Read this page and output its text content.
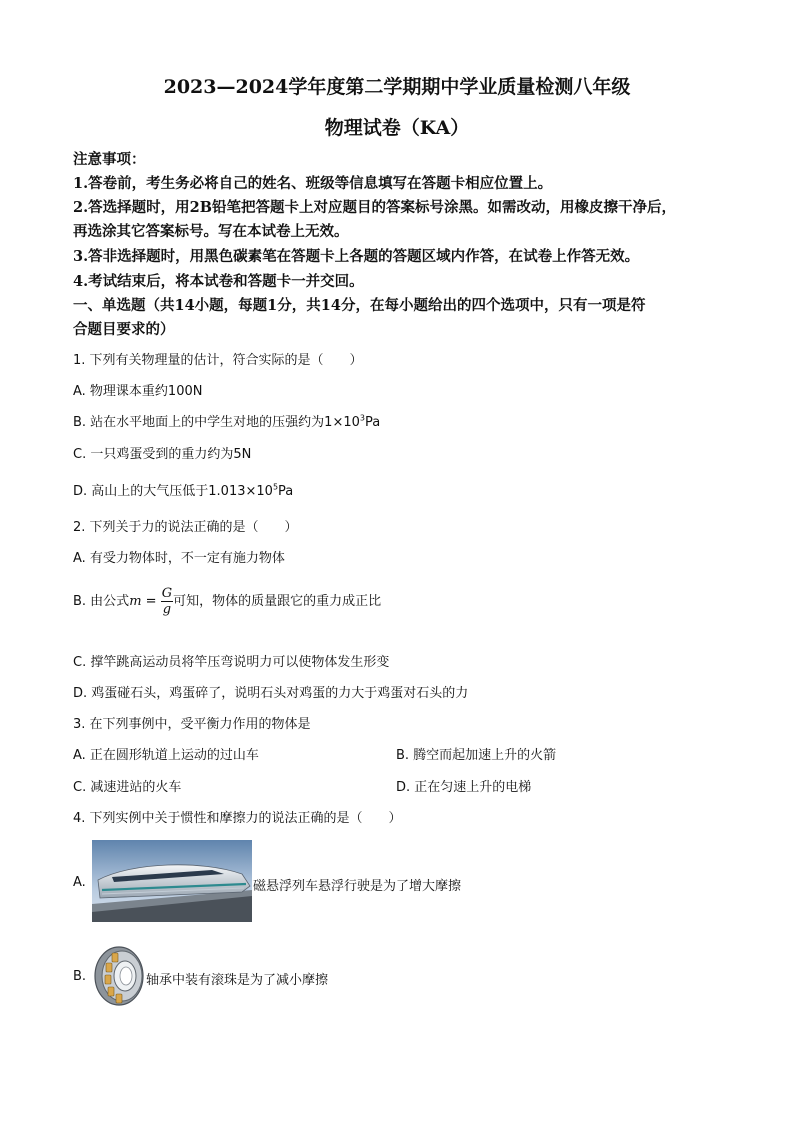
2023—2024学年度第二学期期中学业质量检测八年级
物理试卷（KA）
注意事项：
1.答卷前，考生务必将自己的姓名、班级等信息填写在答题卡相应位置上。
2.答选择题时，用2B铅笔把答题卡上对应题目的答案标号涂黑。如需改动，用橡皮擦干净后，
再选涂其它答案标号。写在本试卷上无效。
3.答非选择题时，用黑色碳素笔在答题卡上各题的答题区域内作答，在试卷上作答无效。
4.考试结束后，将本试卷和答题卡一并交回。
一、单选题（共14小题，每题1分，共14分，在每小题给出的四个选项中，只有一项是符
合题目要求的）
1. 下列有关物理量的估计，符合实际的是（　　）
A. 物理课本重约100N
B. 站在水平地面上的中学生对地的压强约为$1\times 10^3Pa$
C. 一只鸡蛋受到的重力约为5N
D. 高山上的大气压低于$1.013\times 10^5Pa$
2. 下列关于力的说法正确的是（　　）
A. 有受力物体时，不一定有施力物体
B. 由公式$m = \frac{G}{g}$ 可知，物体的质量跟它的重力成正比
C. 撑竿跳高运动员将竿压弯说明力可以使物体发生形变
D. 鸡蛋碰石头，鸡蛋碎了，说明石头对鸡蛋的力大于鸡蛋对石头的力
3. 在下列事例中，受平衡力作用的物体是
A. 正在圆形轨道上运动的过山车	B. 腾空而起加速上升的火箭
C. 减速进站的火车	D. 正在匀速上升的电梯
4. 下列实例中关于惯性和摩擦力的说法正确的是（　　）
A.	磁悬浮列车悬浮行驶是为了增大摩擦
B.	轴承中装有滚珠是为了减小摩擦
